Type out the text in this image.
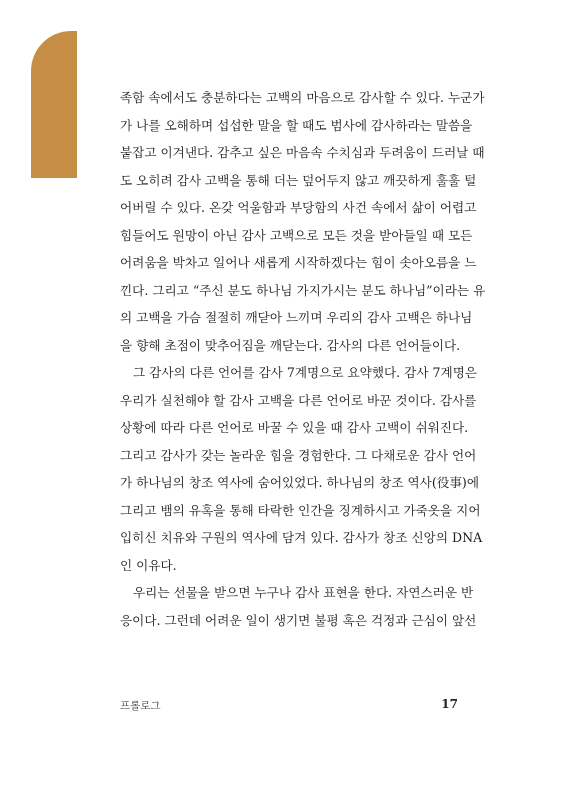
족함 속에서도 충분하다는 고백의 마음으로 감사할 수 있다. 누군가
가 나를 오해하며 섭섭한 말을 할 때도 범사에 감사하라는 말씀을
붙잡고 이겨낸다. 감추고 싶은 마음속 수치심과 두려움이 드러날 때
도 오히려 감사 고백을 통해 더는 덮어두지 않고 깨끗하게 훌훌 털
어버릴 수 있다. 온갖 억울함과 부당함의 사건 속에서 삶이 어렵고
힘들어도 원망이 아닌 감사 고백으로 모든 것을 받아들일 때 모든
어려움을 박차고 일어나 새롭게 시작하겠다는 힘이 솟아오름을 느
낀다. 그리고 “주신 분도 하나님 가지가시는 분도 하나님”이라는 유
의 고백을 가슴 절절히 깨닫아 느끼며 우리의 감사 고백은 하나님
을 향해 초점이 맞추어짐을 깨닫는다. 감사의 다른 언어들이다.
그 감사의 다른 언어를 감사 7계명으로 요약했다. 감사 7계명은
우리가 실천해야 할 감사 고백을 다른 언어로 바꾼 것이다. 감사를
상황에 따라 다른 언어로 바꿀 수 있을 때 감사 고백이 쉬워진다.
그리고 감사가 갖는 놀라운 힘을 경험한다. 그 다채로운 감사 언어
가 하나님의 창조 역사에 숨어있었다. 하나님의 창조 역사(役事)에
그리고 뱀의 유혹을 통해 타락한 인간을 징계하시고 가죽옷을 지어
입히신 치유와 구원의 역사에 담겨 있다. 감사가 창조 신앙의 DNA
인 이유다.
우리는 선물을 받으면 누구나 감사 표현을 한다. 자연스러운 반
응이다. 그런데 어려운 일이 생기면 불평 혹은 걱정과 근심이 앞선
프롤로그	17
